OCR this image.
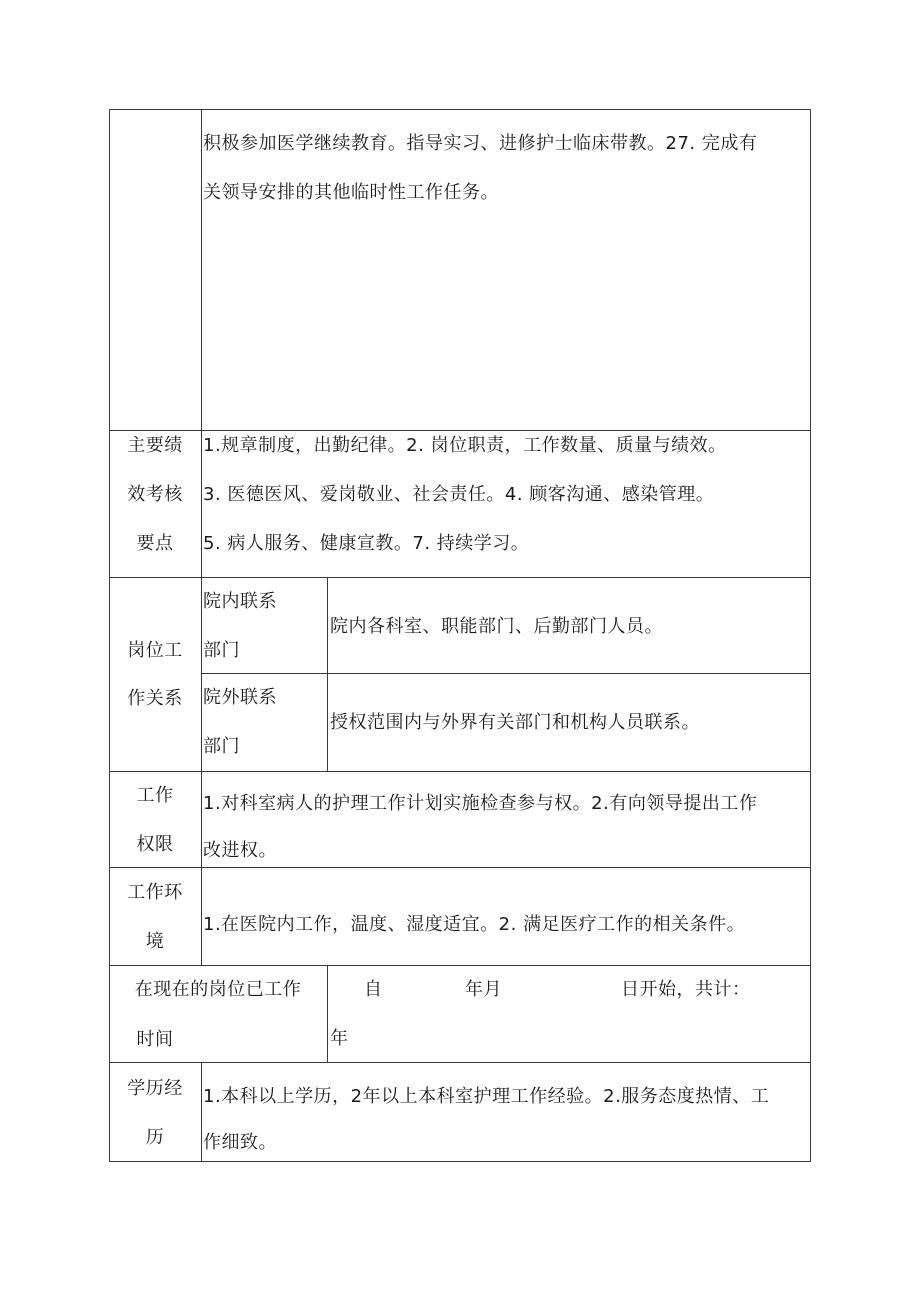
积极参加医学继续教育。指导实习、进修护士临床带教。27. 完成有
关领导安排的其他临时性工作任务。
主要绩
效考核
要点
1.规章制度，出勤纪律。2. 岗位职责，工作数量、质量与绩效。
3. 医德医风、爱岗敬业、社会责任。4. 顾客沟通、感染管理。
5. 病人服务、健康宣教。7. 持续学习。
岗位工
作关系
院内联系
部门
院内各科室、职能部门、后勤部门人员。
院外联系
部门
授权范围内与外界有关部门和机构人员联系。
工作
权限
1.对科室病人的护理工作计划实施检查参与权。2.有向领导提出工作
改进权。
工作环
境
1.在医院内工作，温度、湿度适宜。2. 满足医疗工作的相关条件。
在现在的岗位已工作
时间
自	年月	日开始，共计：
年
学历经
历
1.本科以上学历，2年以上本科室护理工作经验。2.服务态度热情、工
作细致。
